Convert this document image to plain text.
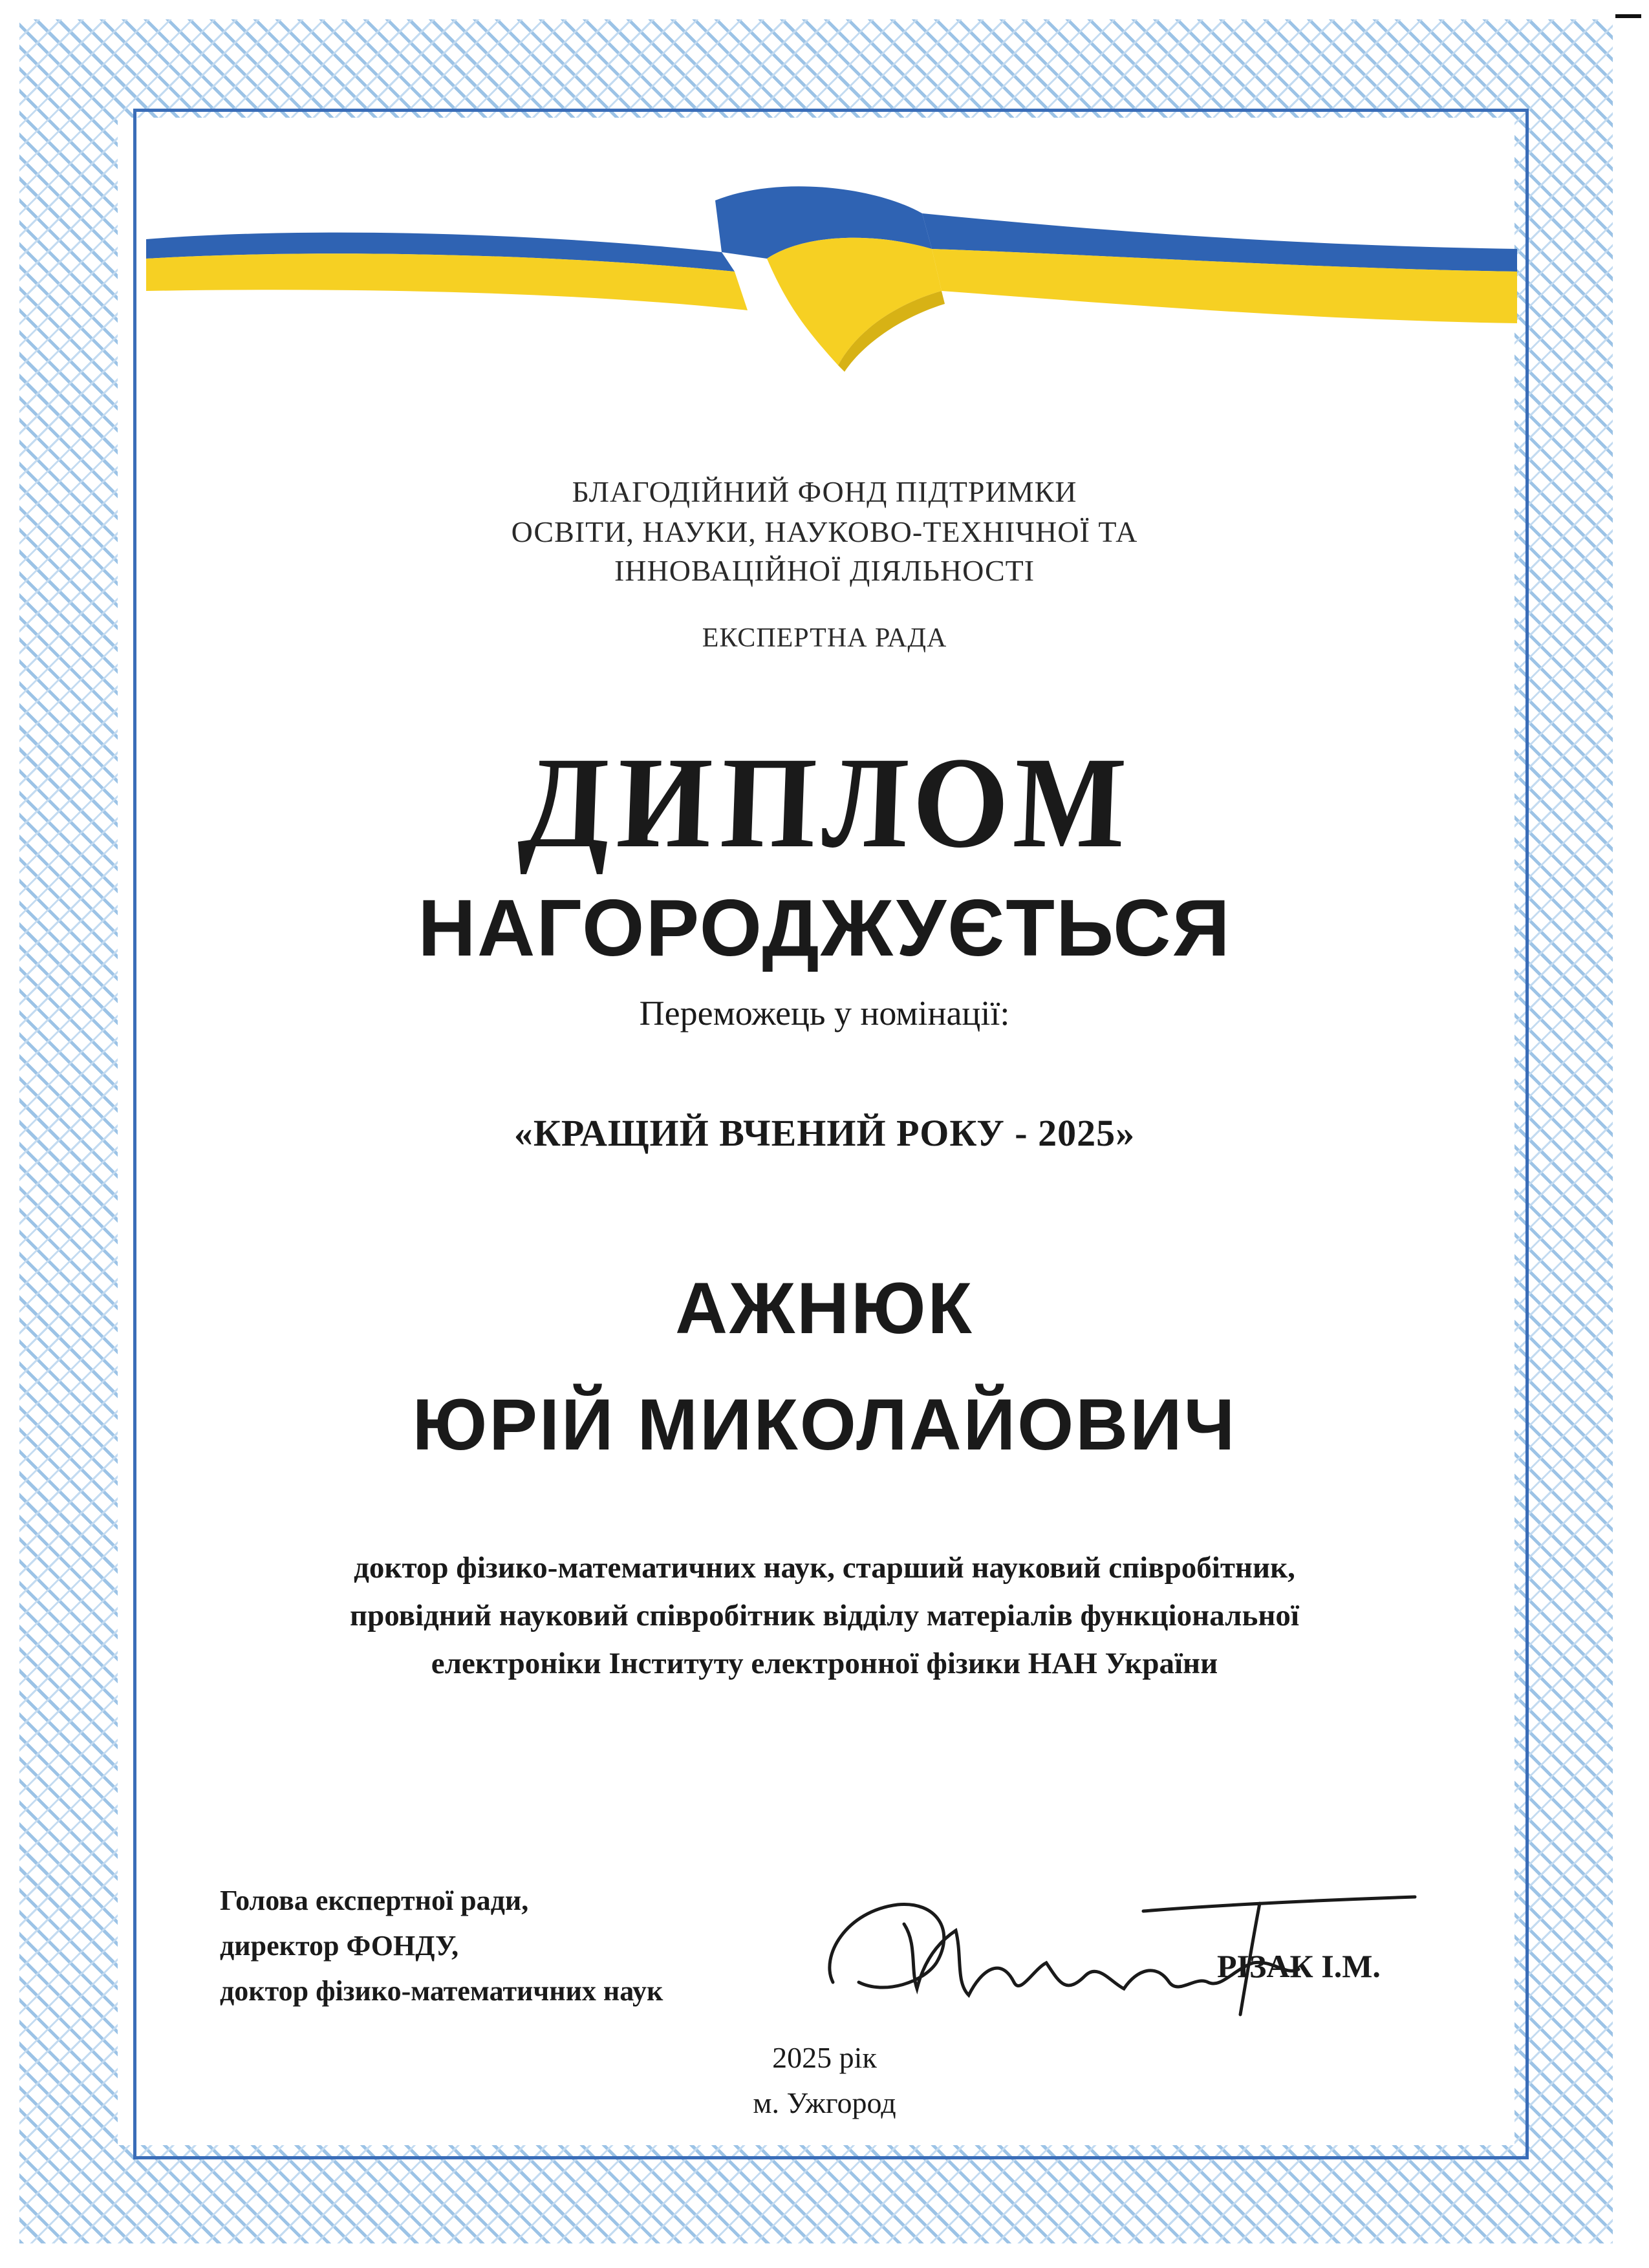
БЛАГОДІЙНИЙ ФОНД ПІДТРИМКИ
ОСВІТИ, НАУКИ, НАУКОВО-ТЕХНІЧНОЇ ТА
ІННОВАЦІЙНОЇ ДІЯЛЬНОСТІ
ЕКСПЕРТНА РАДА
ДИПЛОМ
НАГОРОДЖУЄТЬСЯ
Переможець у номінації:
«КРАЩИЙ ВЧЕНИЙ РОКУ - 2025»
АЖНЮК
ЮРІЙ МИКОЛАЙОВИЧ
доктор фізико-математичних наук, старший науковий співробітник,
провідний науковий співробітник відділу матеріалів функціональної
електроніки Інституту електронної фізики НАН України
Голова експертної ради,
директор ФОНДУ,
доктор фізико-математичних наук
РІЗАК І.М.
2025 рік
м. Ужгород
